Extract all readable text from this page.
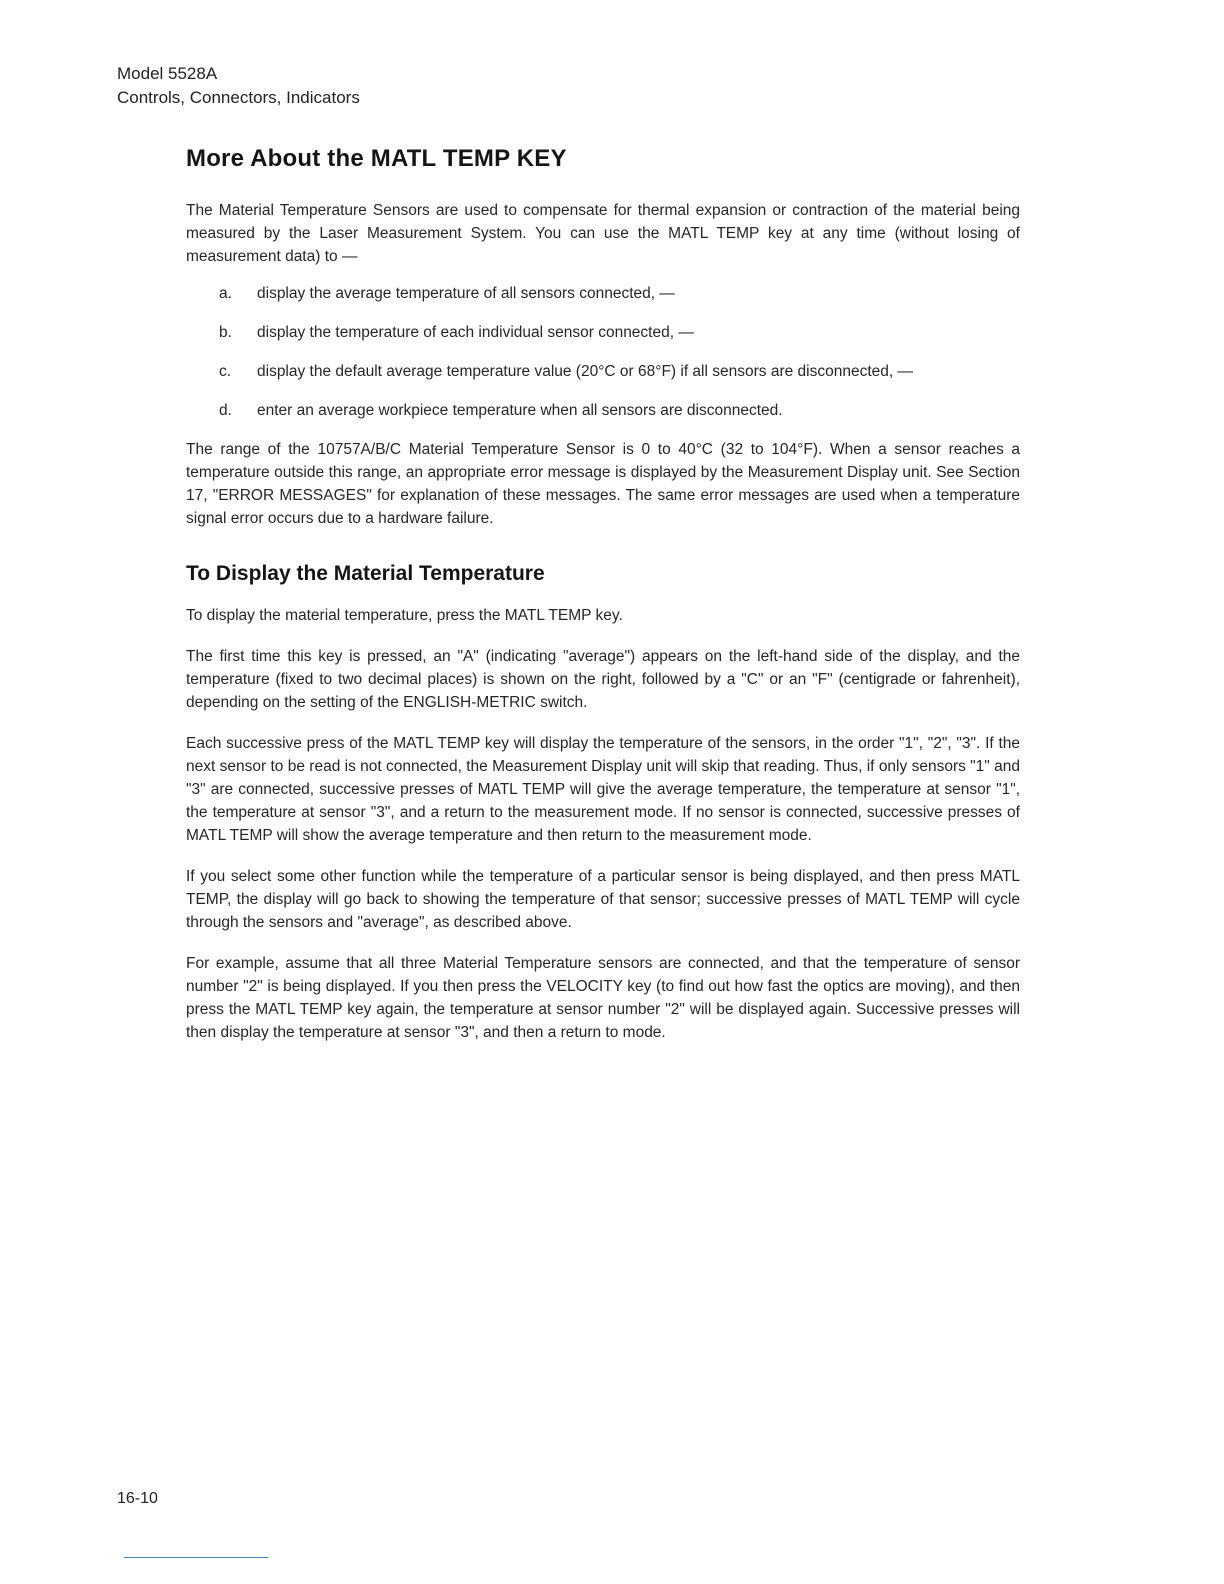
Model 5528A
Controls, Connectors, Indicators
More About the MATL TEMP KEY

The Material Temperature Sensors are used to compensate for thermal expansion or contraction of the material being measured by the Laser Measurement System. You can use the MATL TEMP key at any time (without losing of measurement data) to —

a. display the average temperature of all sensors connected, —
b. display the temperature of each individual sensor connected, —
c. display the default average temperature value (20°C or 68°F) if all sensors are disconnected, —
d. enter an average workpiece temperature when all sensors are disconnected.

The range of the 10757A/B/C Material Temperature Sensor is 0 to 40°C (32 to 104°F). When a sensor reaches a temperature outside this range, an appropriate error message is displayed by the Measurement Display unit. See Section 17, "ERROR MESSAGES" for explanation of these messages. The same error messages are used when a temperature signal error occurs due to a hardware failure.

To Display the Material Temperature

To display the material temperature, press the MATL TEMP key.

The first time this key is pressed, an "A" (indicating "average") appears on the left-hand side of the display, and the temperature (fixed to two decimal places) is shown on the right, followed by a "C" or an "F" (centigrade or fahrenheit), depending on the setting of the ENGLISH-METRIC switch.

Each successive press of the MATL TEMP key will display the temperature of the sensors, in the order "1", "2", "3". If the next sensor to be read is not connected, the Measurement Display unit will skip that reading. Thus, if only sensors "1" and "3" are connected, successive presses of MATL TEMP will give the average temperature, the temperature at sensor "1", the temperature at sensor "3", and a return to the measurement mode. If no sensor is connected, successive presses of MATL TEMP will show the average temperature and then return to the measurement mode.

If you select some other function while the temperature of a particular sensor is being displayed, and then press MATL TEMP, the display will go back to showing the temperature of that sensor; successive presses of MATL TEMP will cycle through the sensors and "average", as described above.

For example, assume that all three Material Temperature sensors are connected, and that the temperature of sensor number "2" is being displayed. If you then press the VELOCITY key (to find out how fast the optics are moving), and then press the MATL TEMP key again, the temperature at sensor number "2" will be displayed again. Successive presses will then display the temperature at sensor "3", and then a return to mode.

16-10
